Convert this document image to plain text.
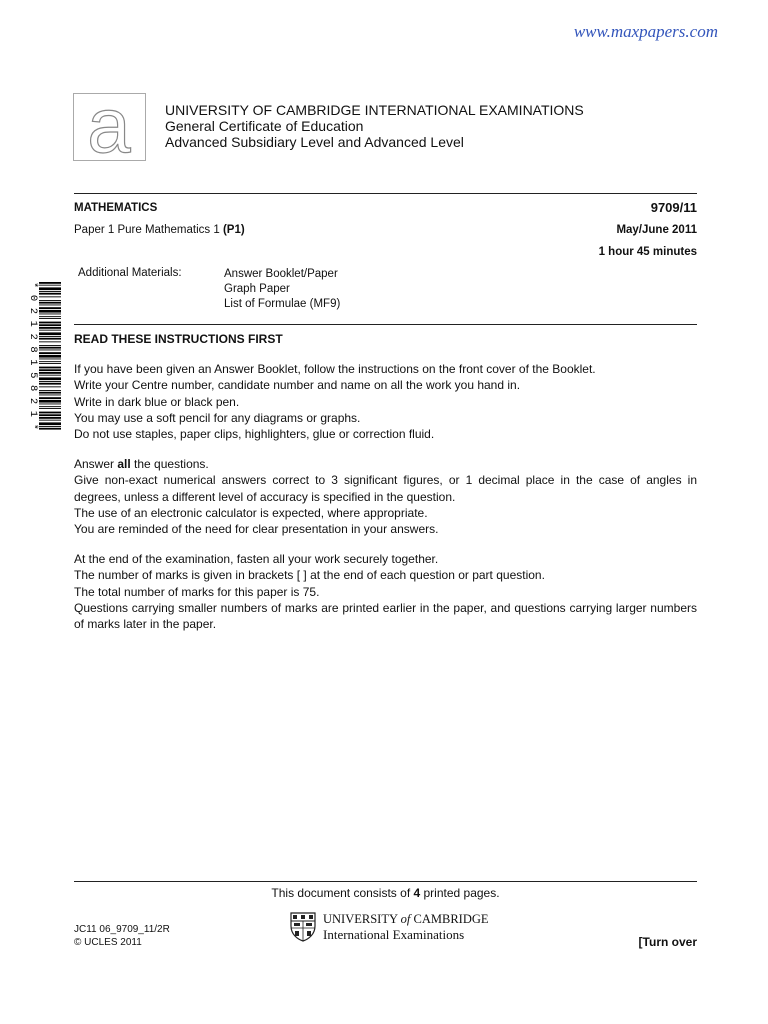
www.maxpapers.com
a UNIVERSITY OF CAMBRIDGE INTERNATIONAL EXAMINATIONS
General Certificate of Education
Advanced Subsidiary Level and Advanced Level
MATHEMATICS	9709/11
Paper 1 Pure Mathematics 1 (P1)	May/June 2011
1 hour 45 minutes
Additional Materials:	Answer Booklet/Paper
Graph Paper
List of Formulae (MF9)
*0212815821*

READ THESE INSTRUCTIONS FIRST

If you have been given an Answer Booklet, follow the instructions on the front cover of the Booklet.

Write your Centre number, candidate number and name on all the work you hand in.

Write in dark blue or black pen.

You may use a soft pencil for any diagrams or graphs.

Do not use staples, paper clips, highlighters, glue or correction fluid.

Answer all the questions.

Give non-exact numerical answers correct to 3 significant figures, or 1 decimal place in the case of angles in degrees, unless a different level of accuracy is specified in the question.

The use of an electronic calculator is expected, where appropriate.

You are reminded of the need for clear presentation in your answers.

At the end of the examination, fasten all your work securely together.

The number of marks is given in brackets [ ] at the end of each question or part question.

The total number of marks for this paper is 75.

Questions carrying smaller numbers of marks are printed earlier in the paper, and questions carrying larger numbers of marks later in the paper.

This document consists of 4 printed pages.
JC11 06_9709_11/2R
© UCLES 2011
UNIVERSITY of CAMBRIDGE
International Examinations	[Turn over
